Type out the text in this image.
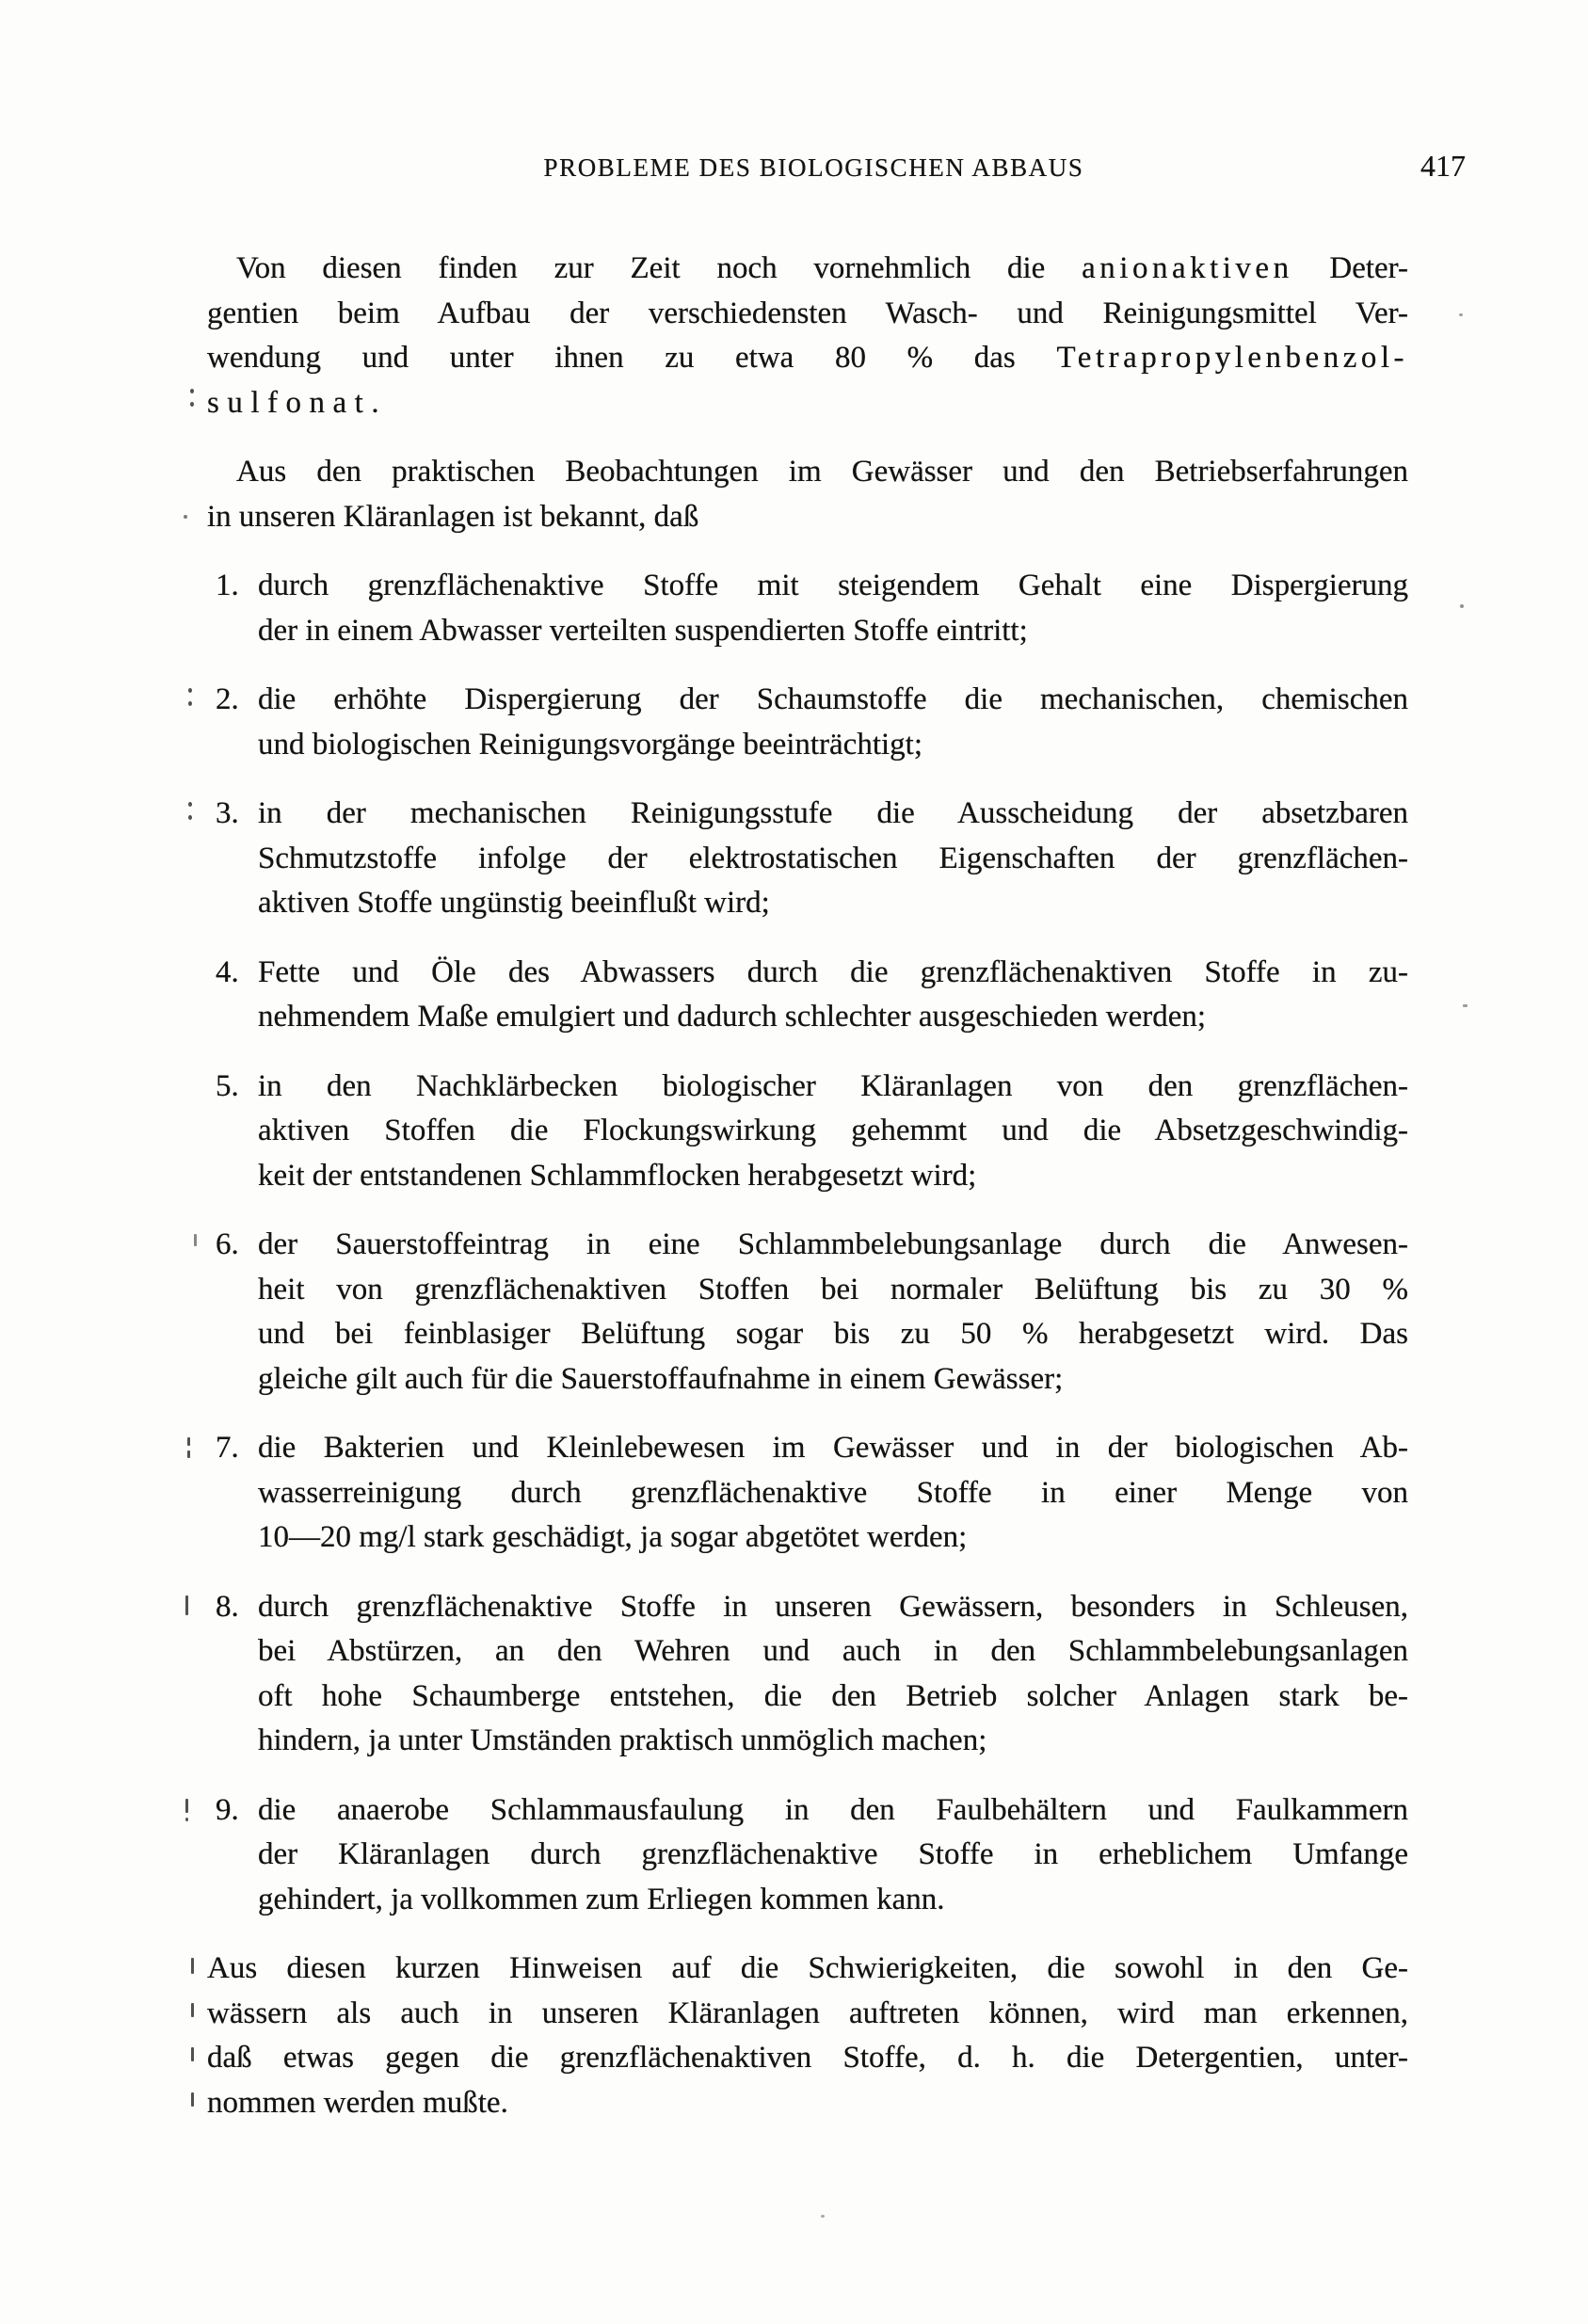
PROBLEME DES BIOLOGISCHEN ABBAUS	417
Von diesen finden zur Zeit noch vornehmlich die anionaktiven Deter-
gentien beim Aufbau der verschiedensten Wasch- und Reinigungsmittel Ver-
wendung und unter ihnen zu etwa 80 % das Tetrapropylenbenzol-
sulfonat.
Aus den praktischen Beobachtungen im Gewässer und den Betriebserfahrungen
in unseren Kläranlagen ist bekannt, daß
1. durch grenzflächenaktive Stoffe mit steigendem Gehalt eine Dispergierung
der in einem Abwasser verteilten suspendierten Stoffe eintritt;
2. die erhöhte Dispergierung der Schaumstoffe die mechanischen, chemischen
und biologischen Reinigungsvorgänge beeinträchtigt;
3. in der mechanischen Reinigungsstufe die Ausscheidung der absetzbaren
Schmutzstoffe infolge der elektrostatischen Eigenschaften der grenzflächen-
aktiven Stoffe ungünstig beeinflußt wird;
4. Fette und Öle des Abwassers durch die grenzflächenaktiven Stoffe in zu-
nehmendem Maße emulgiert und dadurch schlechter ausgeschieden werden;
5. in den Nachklärbecken biologischer Kläranlagen von den grenzflächen-
aktiven Stoffen die Flockungswirkung gehemmt und die Absetzgeschwindig-
keit der entstandenen Schlammflocken herabgesetzt wird;
6. der Sauerstoffeintrag in eine Schlammbelebungsanlage durch die Anwesen-
heit von grenzflächenaktiven Stoffen bei normaler Belüftung bis zu 30 %
und bei feinblasiger Belüftung sogar bis zu 50 % herabgesetzt wird. Das
gleiche gilt auch für die Sauerstoffaufnahme in einem Gewässer;
7. die Bakterien und Kleinlebewesen im Gewässer und in der biologischen Ab-
wasserreinigung durch grenzflächenaktive Stoffe in einer Menge von
10—20 mg/l stark geschädigt, ja sogar abgetötet werden;
8. durch grenzflächenaktive Stoffe in unseren Gewässern, besonders in Schleusen,
bei Abstürzen, an den Wehren und auch in den Schlammbelebungsanlagen
oft hohe Schaumberge entstehen, die den Betrieb solcher Anlagen stark be-
hindern, ja unter Umständen praktisch unmöglich machen;
9. die anaerobe Schlammausfaulung in den Faulbehältern und Faulkammern
der Kläranlagen durch grenzflächenaktive Stoffe in erheblichem Umfange
gehindert, ja vollkommen zum Erliegen kommen kann.
Aus diesen kurzen Hinweisen auf die Schwierigkeiten, die sowohl in den Ge-
wässern als auch in unseren Kläranlagen auftreten können, wird man erkennen,
daß etwas gegen die grenzflächenaktiven Stoffe, d. h. die Detergentien, unter-
nommen werden mußte.
